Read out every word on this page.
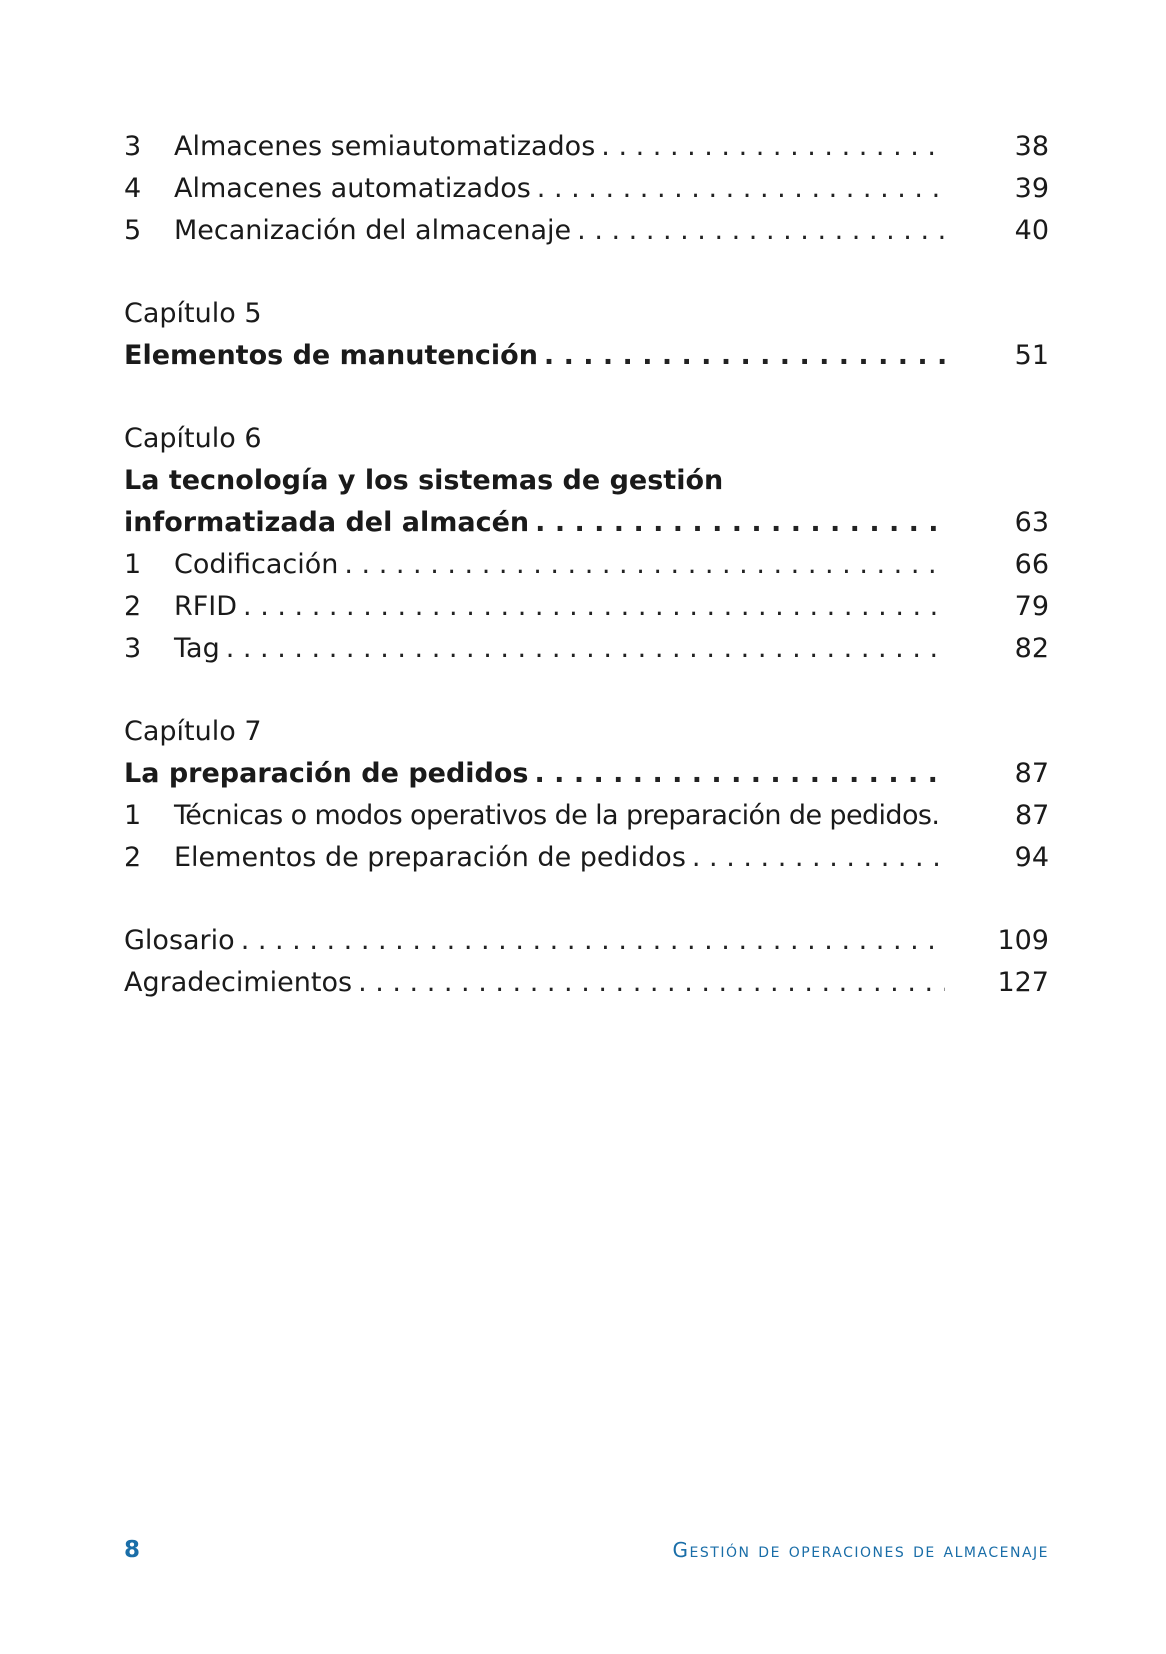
3	Almacenes semiautomatizados . . .	38
4	Almacenes automatizados . . .	39
5	Mecanización del almacenaje . . .	40
Capítulo 5
Elementos de manutención . . .	51
Capítulo 6
La tecnología y los sistemas de gestión
informatizada del almacén . . .	63
1	Codificación . . .	66
2	RFID . . .	79
3	Tag . . .	82
Capítulo 7
La preparación de pedidos . . .	87
1	Técnicas o modos operativos de la preparación de pedidos.	87
2	Elementos de preparación de pedidos . . .	94
Glosario . . .	109
Agradecimientos . . .	127
8	Gestión de operaciones de almacenaje
